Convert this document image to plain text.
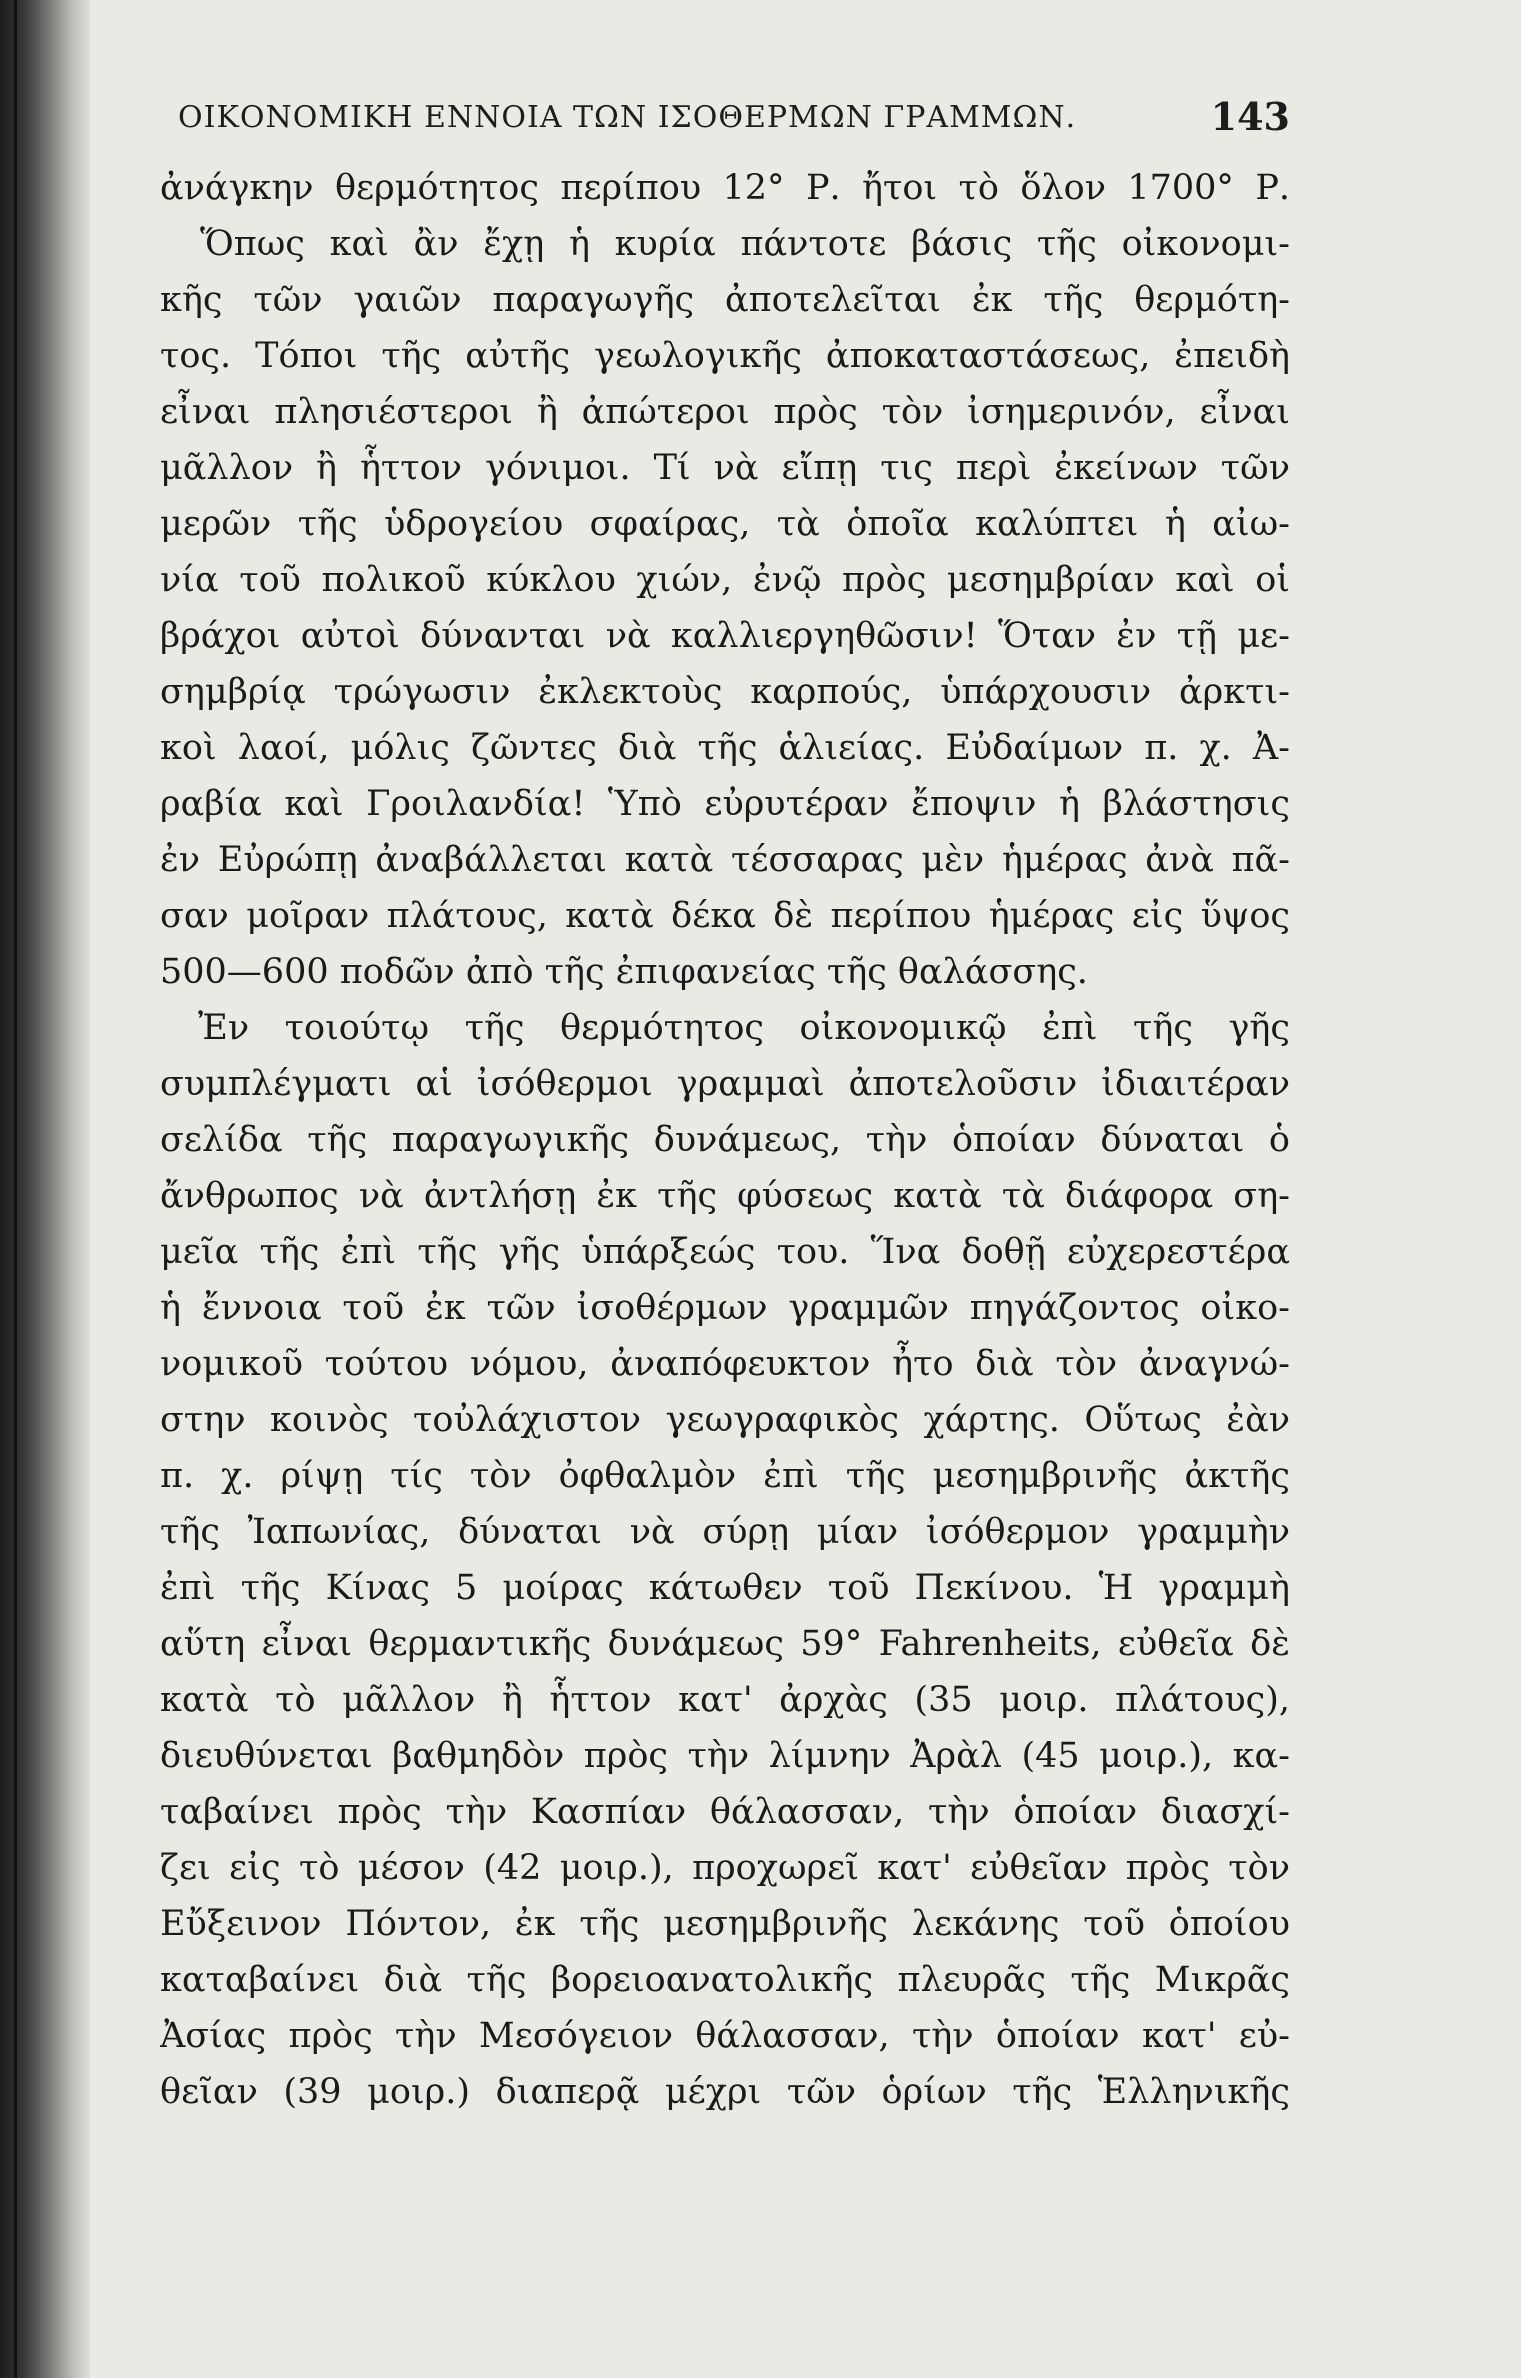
ΟΙΚΟΝΟΜΙΚΗ ΕΝΝΟΙΑ ΤΩΝ ΙΣΟΘΕΡΜΩΝ ΓΡΑΜΜΩΝ.	143
ἀνάγκην θερμότητος περίπου 12° Ρ. ἤτοι τὸ ὅλον 1700° Ρ.
Ὅπως καὶ ἂν ἔχῃ ἡ κυρία πάντοτε βάσις τῆς οἰκονομι-
κῆς τῶν γαιῶν παραγωγῆς ἀποτελεῖται ἐκ τῆς θερμότη-
τος. Τόποι τῆς αὐτῆς γεωλογικῆς ἀποκαταστάσεως, ἐπειδὴ
εἶναι πλησιέστεροι ἢ ἀπώτεροι πρὸς τὸν ἰσημερινόν, εἶναι
μᾶλλον ἢ ἧττον γόνιμοι. Τί νὰ εἴπῃ τις περὶ ἐκείνων τῶν
μερῶν τῆς ὑδρογείου σφαίρας, τὰ ὁποῖα καλύπτει ἡ αἰω-
νία τοῦ πολικοῦ κύκλου χιών, ἐνῷ πρὸς μεσημβρίαν καὶ οἱ
βράχοι αὐτοὶ δύνανται νὰ καλλιεργηθῶσιν! Ὅταν ἐν τῇ με-
σημβρίᾳ τρώγωσιν ἐκλεκτοὺς καρπούς, ὑπάρχουσιν ἀρκτι-
κοὶ λαοί, μόλις ζῶντες διὰ τῆς ἁλιείας. Εὐδαίμων π. χ. Ἀ-
ραβία καὶ Γροιλανδία! Ὑπὸ εὐρυτέραν ἔποψιν ἡ βλάστησις
ἐν Εὐρώπῃ ἀναβάλλεται κατὰ τέσσαρας μὲν ἡμέρας ἀνὰ πᾶ-
σαν μοῖραν πλάτους, κατὰ δέκα δὲ περίπου ἡμέρας εἰς ὕψος
500—600 ποδῶν ἀπὸ τῆς ἐπιφανείας τῆς θαλάσσης.
Ἐν τοιούτῳ τῆς θερμότητος οἰκονομικῷ ἐπὶ τῆς γῆς
συμπλέγματι αἱ ἰσόθερμοι γραμμαὶ ἀποτελοῦσιν ἰδιαιτέραν
σελίδα τῆς παραγωγικῆς δυνάμεως, τὴν ὁποίαν δύναται ὁ
ἄνθρωπος νὰ ἀντλήσῃ ἐκ τῆς φύσεως κατὰ τὰ διάφορα ση-
μεῖα τῆς ἐπὶ τῆς γῆς ὑπάρξεώς του. Ἵνα δοθῇ εὐχερεστέρα
ἡ ἔννοια τοῦ ἐκ τῶν ἰσοθέρμων γραμμῶν πηγάζοντος οἰκο-
νομικοῦ τούτου νόμου, ἀναπόφευκτον ἦτο διὰ τὸν ἀναγνώ-
στην κοινὸς τοὐλάχιστον γεωγραφικὸς χάρτης. Οὕτως ἐὰν
π. χ. ρίψῃ τίς τὸν ὀφθαλμὸν ἐπὶ τῆς μεσημβρινῆς ἀκτῆς
τῆς Ἰαπωνίας, δύναται νὰ σύρῃ μίαν ἰσόθερμον γραμμὴν
ἐπὶ τῆς Κίνας 5 μοίρας κάτωθεν τοῦ Πεκίνου. Ἡ γραμμὴ
αὕτη εἶναι θερμαντικῆς δυνάμεως 59° Fahrenheits, εὐθεῖα δὲ
κατὰ τὸ μᾶλλον ἢ ἧττον κατ' ἀρχὰς (35 μοιρ. πλάτους),
διευθύνεται βαθμηδὸν πρὸς τὴν λίμνην Ἀρὰλ (45 μοιρ.), κα-
ταβαίνει πρὸς τὴν Κασπίαν θάλασσαν, τὴν ὁποίαν διασχί-
ζει εἰς τὸ μέσον (42 μοιρ.), προχωρεῖ κατ' εὐθεῖαν πρὸς τὸν
Εὔξεινον Πόντον, ἐκ τῆς μεσημβρινῆς λεκάνης τοῦ ὁποίου
καταβαίνει διὰ τῆς βορειοανατολικῆς πλευρᾶς τῆς Μικρᾶς
Ἀσίας πρὸς τὴν Μεσόγειον θάλασσαν, τὴν ὁποίαν κατ' εὐ-
θεῖαν (39 μοιρ.) διαπερᾷ μέχρι τῶν ὁρίων τῆς Ἑλληνικῆς
